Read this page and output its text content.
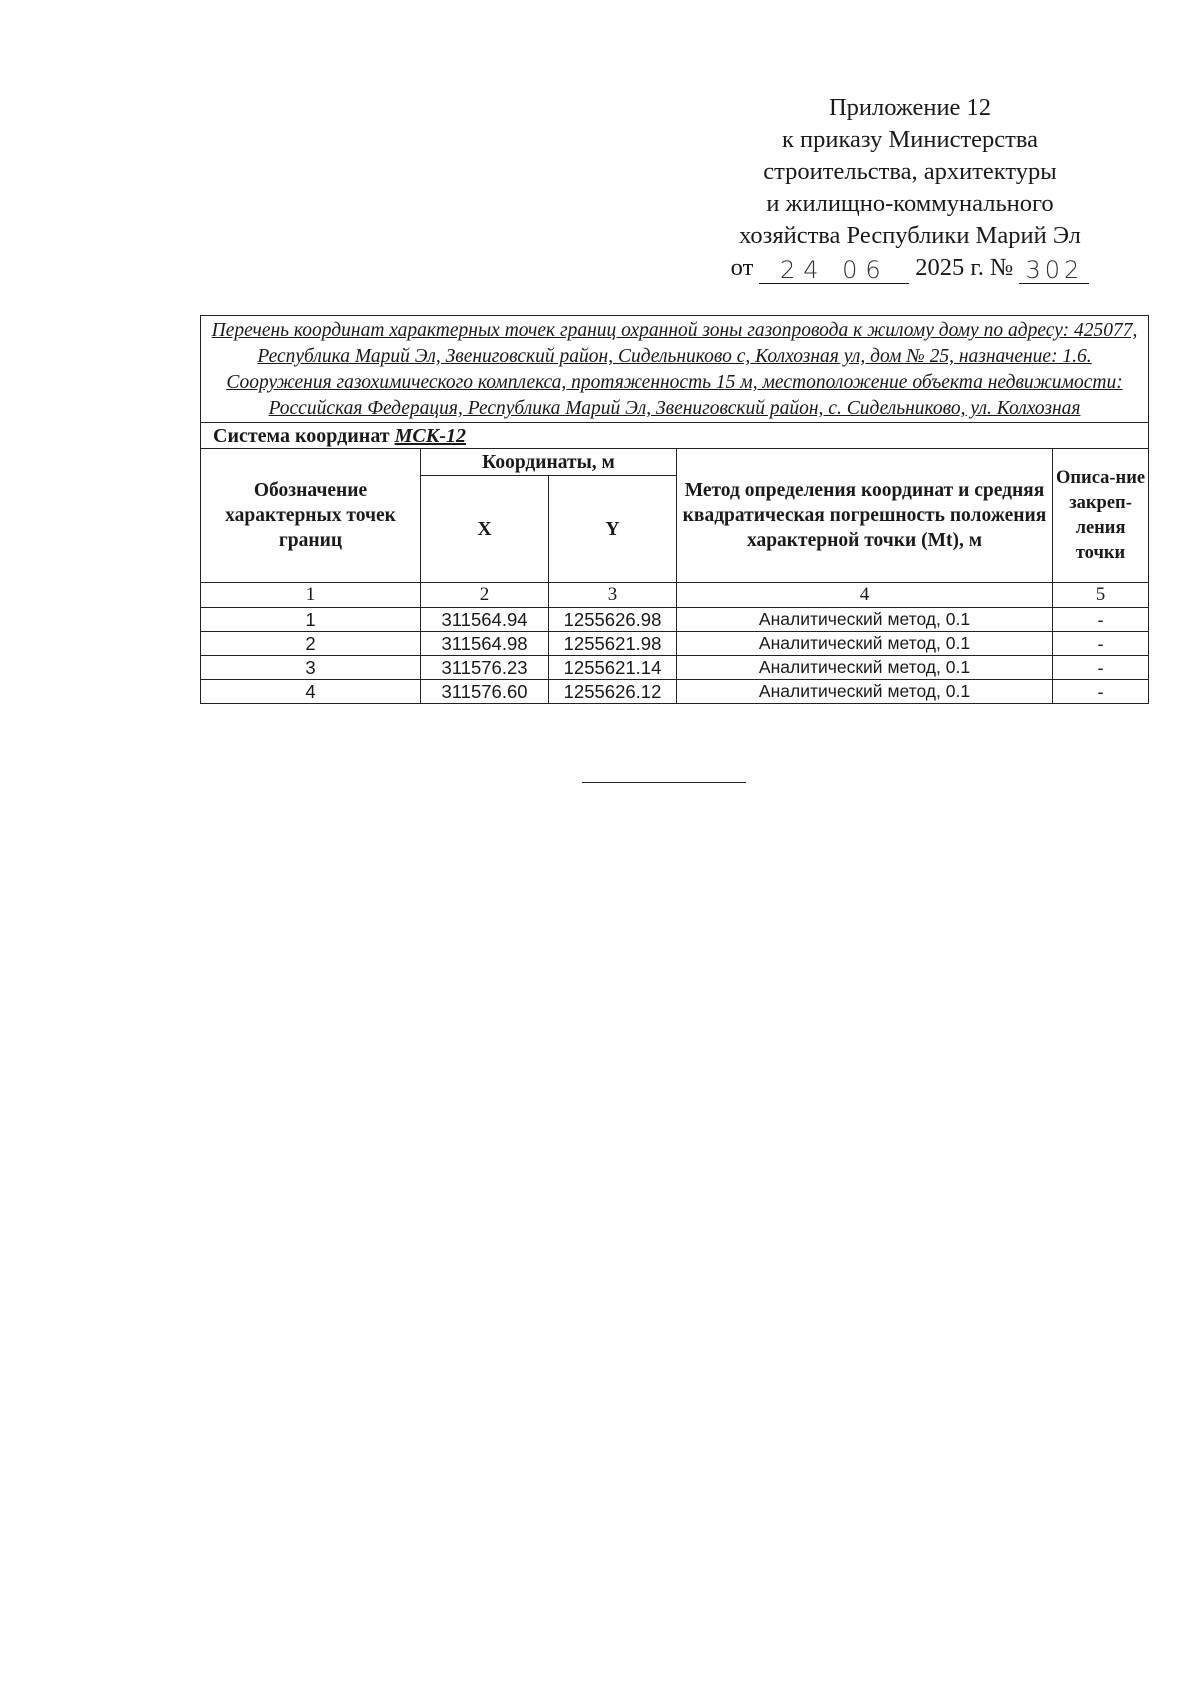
Приложение 12
к приказу Министерства
строительства, архитектуры
и жилищно-коммунального
хозяйства Республики Марий Эл
от	24 06	2025 г. № 302
Перечень координат характерных точек границ охранной зоны газопровода к жилому дому по адресу: 425077, Республика Марий Эл, Звениговский район, Сидельниково с, Колхозная ул, дом № 25, назначение: 1.6. Сооружения газохимического комплекса, протяженность 15 м, местоположение объекта недвижимости: Российская Федерация, Республика Марий Эл, Звениговский район, с. Сидельниково, ул. Колхозная				
Система координат МСК-12				
Обозначение характерных точек границ	Координаты, м		Метод определения координат и средняя квадратическая погрешность положения характерной точки (Mt), м	Описа-ние закреп-ления точки
	X	Y		
1	2	3	4	5
1	311564.94	1255626.98	Аналитический метод, 0.1	-
2	311564.98	1255621.98	Аналитический метод, 0.1	-
3	311576.23	1255621.14	Аналитический метод, 0.1	-
4	311576.60	1255626.12	Аналитический метод, 0.1	-
